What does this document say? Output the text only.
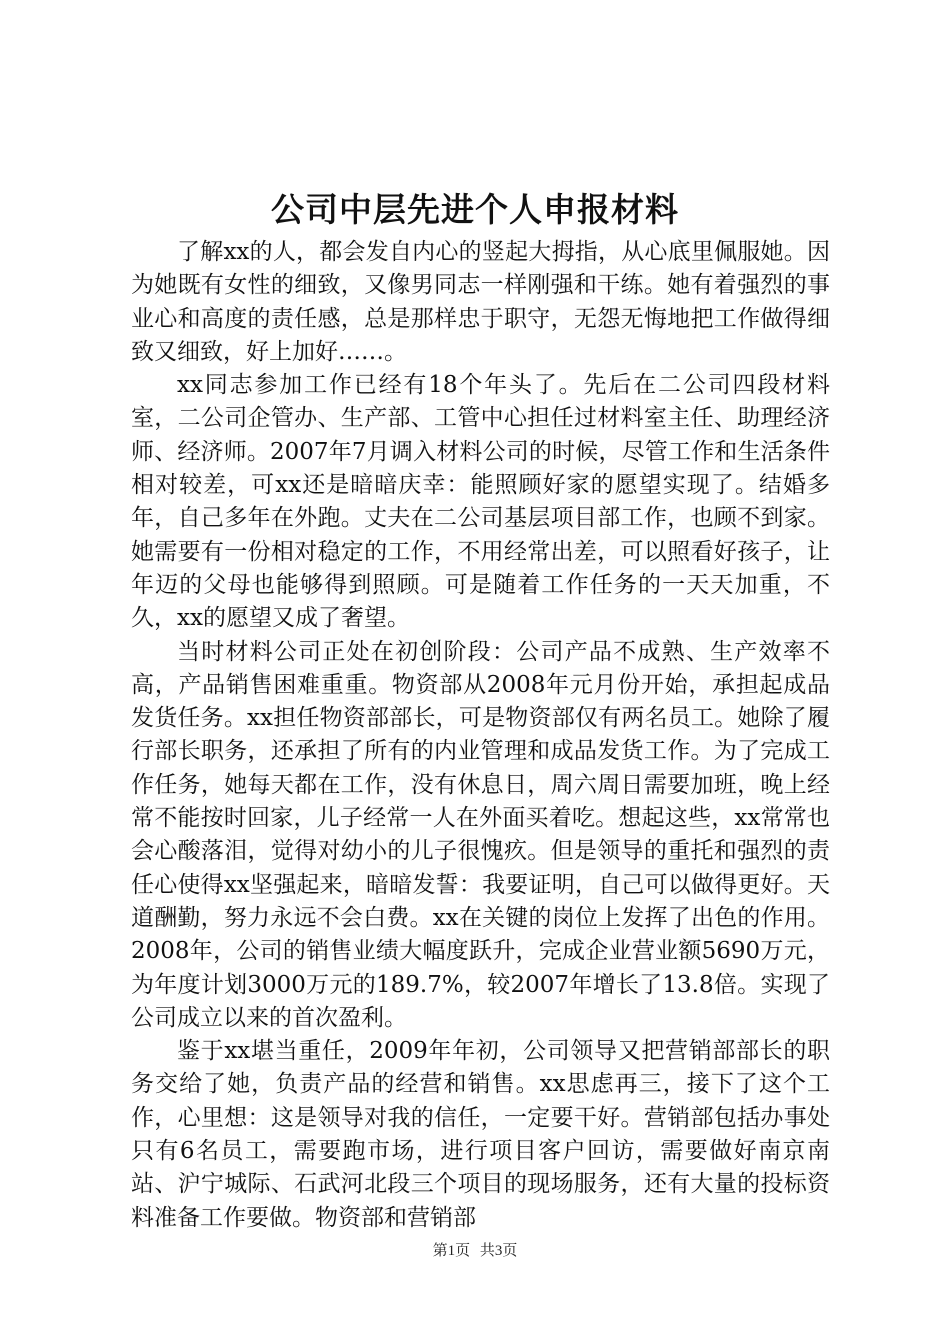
公司中层先进个人申报材料

了解xx的人，都会发自内心的竖起大拇指，从心底里佩服她。因为她既有女性的细致，又像男同志一样刚强和干练。她有着强烈的事业心和高度的责任感，总是那样忠于职守，无怨无悔地把工作做得细致又细致，好上加好……。

xx同志参加工作已经有18个年头了。先后在二公司四段材料室，二公司企管办、生产部、工管中心担任过材料室主任、助理经济师、经济师。2007年7月调入材料公司的时候，尽管工作和生活条件相对较差，可xx还是暗暗庆幸：能照顾好家的愿望实现了。结婚多年，自己多年在外跑。丈夫在二公司基层项目部工作，也顾不到家。她需要有一份相对稳定的工作，不用经常出差，可以照看好孩子，让年迈的父母也能够得到照顾。可是随着工作任务的一天天加重，不久，xx的愿望又成了奢望。

当时材料公司正处在初创阶段：公司产品不成熟、生产效率不高，产品销售困难重重。物资部从2008年元月份开始，承担起成品发货任务。xx担任物资部部长，可是物资部仅有两名员工。她除了履行部长职务，还承担了所有的内业管理和成品发货工作。为了完成工作任务，她每天都在工作，没有休息日，周六周日需要加班，晚上经常不能按时回家，儿子经常一人在外面买着吃。想起这些，xx常常也会心酸落泪，觉得对幼小的儿子很愧疚。但是领导的重托和强烈的责任心使得xx坚强起来，暗暗发誓：我要证明，自己可以做得更好。天道酬勤，努力永远不会白费。xx在关键的岗位上发挥了出色的作用。2008年，公司的销售业绩大幅度跃升，完成企业营业额5690万元，为年度计划3000万元的189.7%，较2007年增长了13.8倍。实现了公司成立以来的首次盈利。

鉴于xx堪当重任，2009年年初，公司领导又把营销部部长的职务交给了她，负责产品的经营和销售。xx思虑再三，接下了这个工作，心里想：这是领导对我的信任，一定要干好。营销部包括办事处只有6名员工，需要跑市场，进行项目客户回访，需要做好南京南站、沪宁城际、石武河北段三个项目的现场服务，还有大量的投标资料准备工作要做。物资部和营销部

第1页 共3页
